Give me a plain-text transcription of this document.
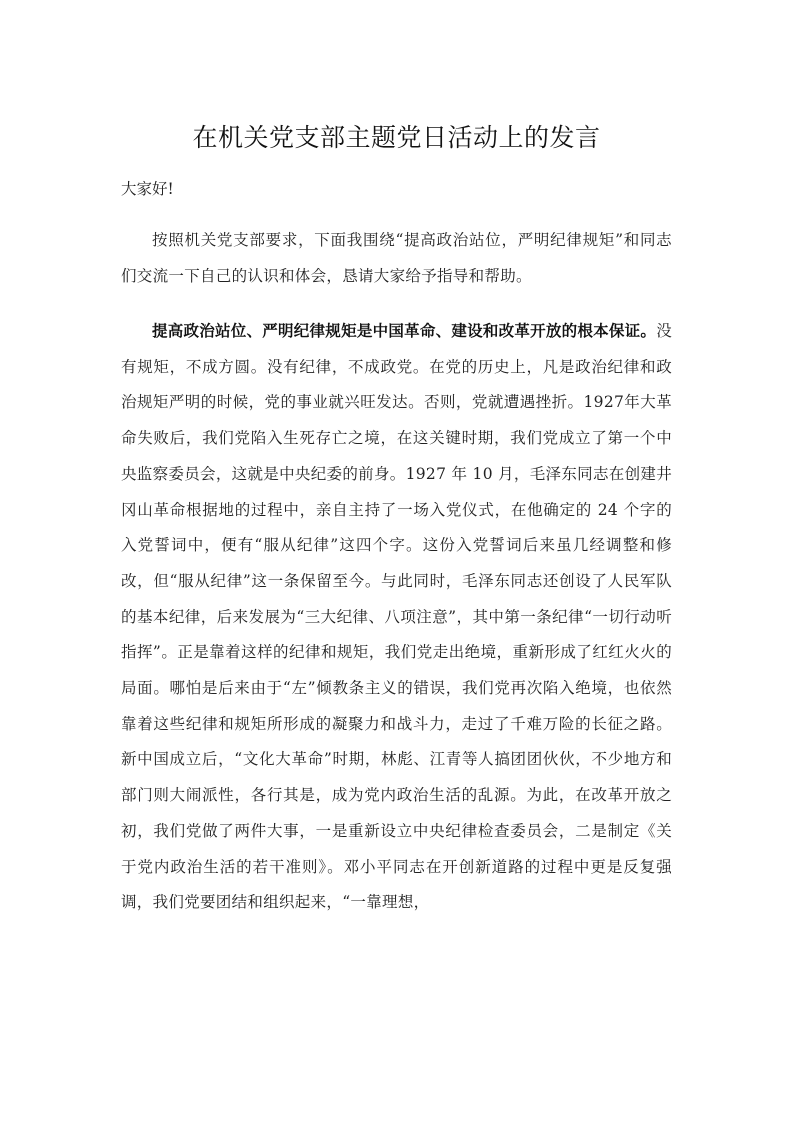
在机关党支部主题党日活动上的发言
大家好!

按照机关党支部要求，下面我围绕“提高政治站位，严明纪律规矩”和同志们交流一下自己的认识和体会，恳请大家给予指导和帮助。

提高政治站位、严明纪律规矩是中国革命、建设和改革开放的根本保证。没有规矩，不成方圆。没有纪律，不成政党。在党的历史上，凡是政治纪律和政治规矩严明的时候，党的事业就兴旺发达。否则，党就遭遇挫折。1927年大革命失败后，我们党陷入生死存亡之境，在这关键时期，我们党成立了第一个中央监察委员会，这就是中央纪委的前身。1927 年 10 月，毛泽东同志在创建井冈山革命根据地的过程中，亲自主持了一场入党仪式，在他确定的 24 个字的入党誓词中，便有“服从纪律”这四个字。这份入党誓词后来虽几经调整和修改，但“服从纪律”这一条保留至今。与此同时，毛泽东同志还创设了人民军队的基本纪律，后来发展为“三大纪律、八项注意”，其中第一条纪律“一切行动听指挥”。正是靠着这样的纪律和规矩，我们党走出绝境，重新形成了红红火火的局面。哪怕是后来由于“左”倾教条主义的错误，我们党再次陷入绝境，也依然靠着这些纪律和规矩所形成的凝聚力和战斗力，走过了千难万险的长征之路。新中国成立后，“文化大革命”时期，林彪、江青等人搞团团伙伙，不少地方和部门则大闹派性，各行其是，成为党内政治生活的乱源。为此，在改革开放之初，我们党做了两件大事，一是重新设立中央纪律检查委员会，二是制定《关于党内政治生活的若干准则》。邓小平同志在开创新道路的过程中更是反复强调，我们党要团结和组织起来，“一靠理想，
